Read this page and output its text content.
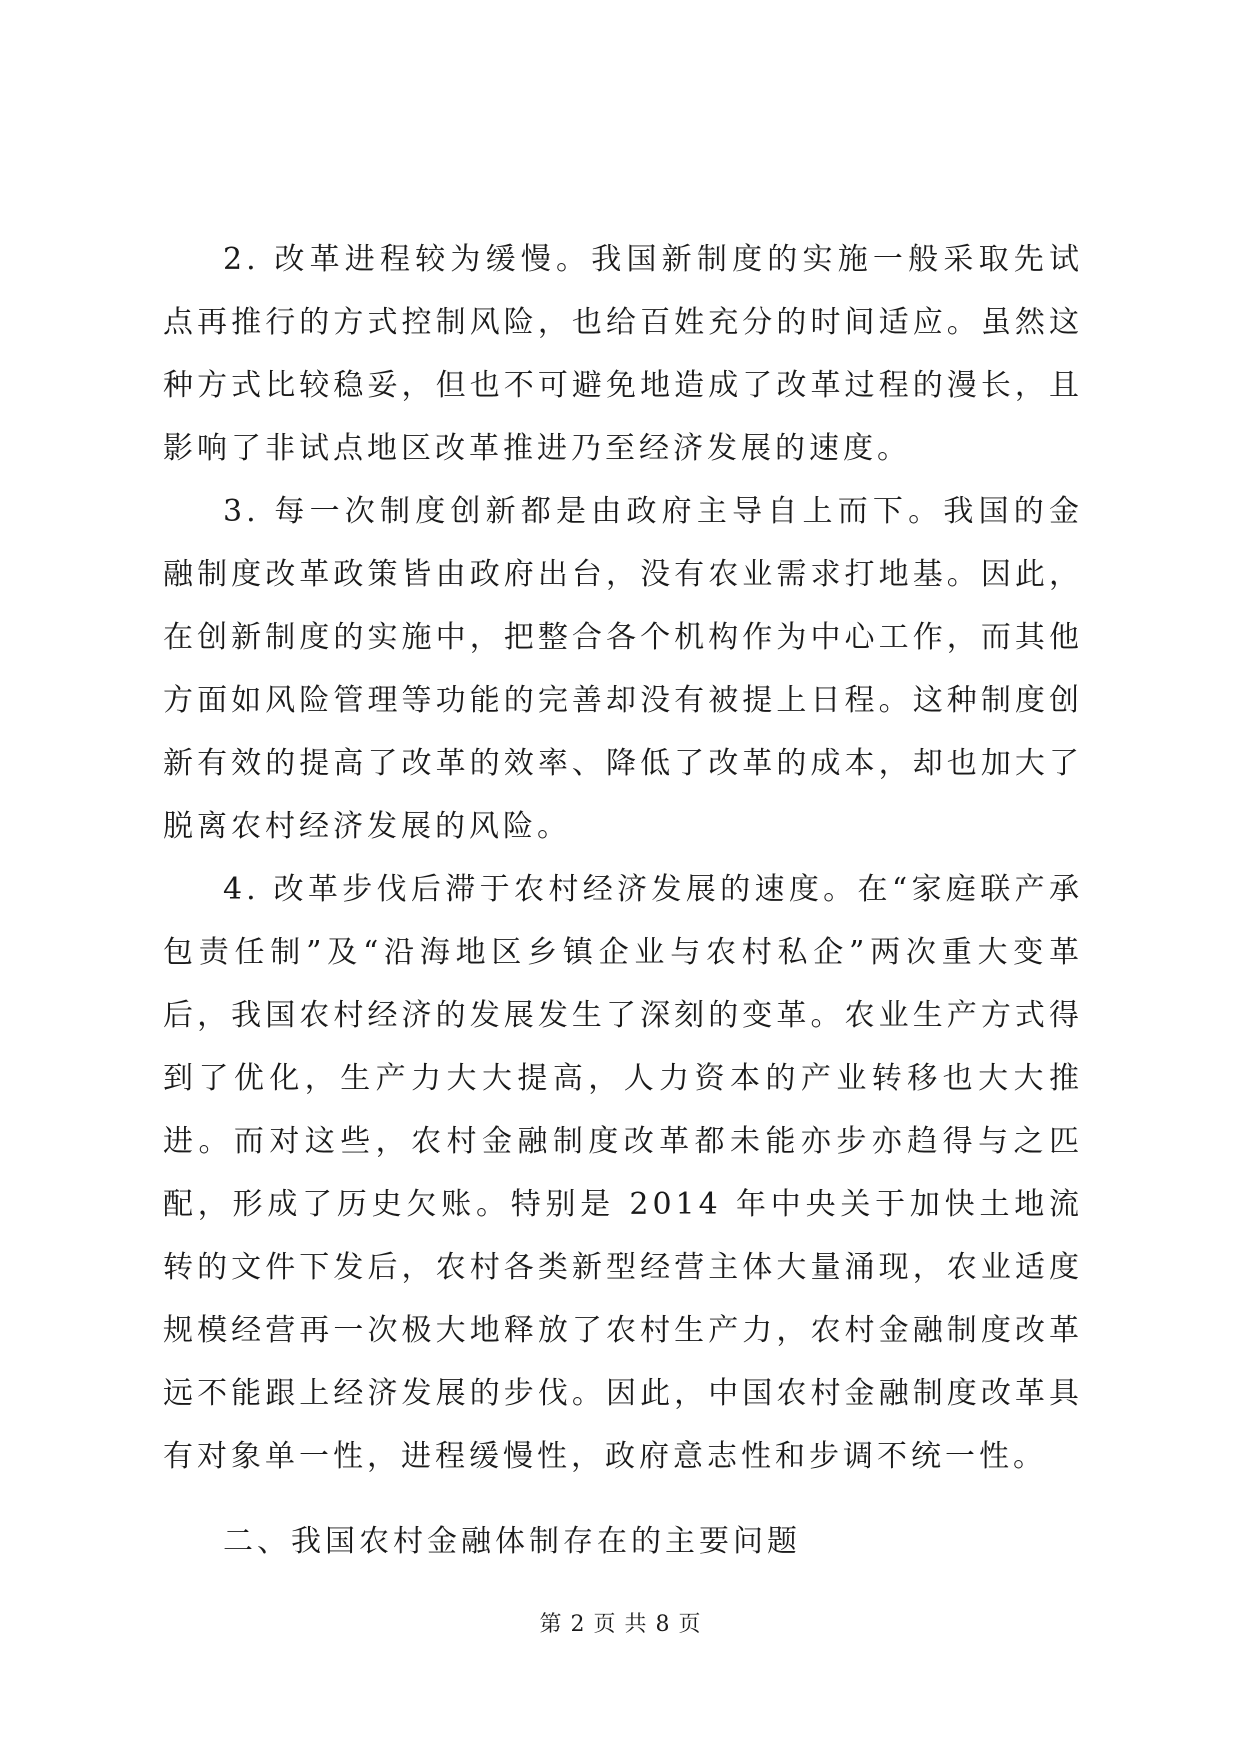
2. 改革进程较为缓慢。我国新制度的实施一般采取先试点再推行的方式控制风险，也给百姓充分的时间适应。虽然这种方式比较稳妥，但也不可避免地造成了改革过程的漫长，且影响了非试点地区改革推进乃至经济发展的速度。

3. 每一次制度创新都是由政府主导自上而下。我国的金融制度改革政策皆由政府出台，没有农业需求打地基。因此，在创新制度的实施中，把整合各个机构作为中心工作，而其他方面如风险管理等功能的完善却没有被提上日程。这种制度创新有效的提高了改革的效率、降低了改革的成本，却也加大了脱离农村经济发展的风险。

4. 改革步伐后滞于农村经济发展的速度。在“家庭联产承包责任制”及“沿海地区乡镇企业与农村私企”两次重大变革后，我国农村经济的发展发生了深刻的变革。农业生产方式得到了优化，生产力大大提高，人力资本的产业转移也大大推进。而对这些，农村金融制度改革都未能亦步亦趋得与之匹配，形成了历史欠账。特别是 2014 年中央关于加快土地流转的文件下发后，农村各类新型经营主体大量涌现，农业适度规模经营再一次极大地释放了农村生产力，农村金融制度改革远不能跟上经济发展的步伐。因此，中国农村金融制度改革具有对象单一性，进程缓慢性，政府意志性和步调不统一性。

二、我国农村金融体制存在的主要问题

第 2 页 共 8 页
